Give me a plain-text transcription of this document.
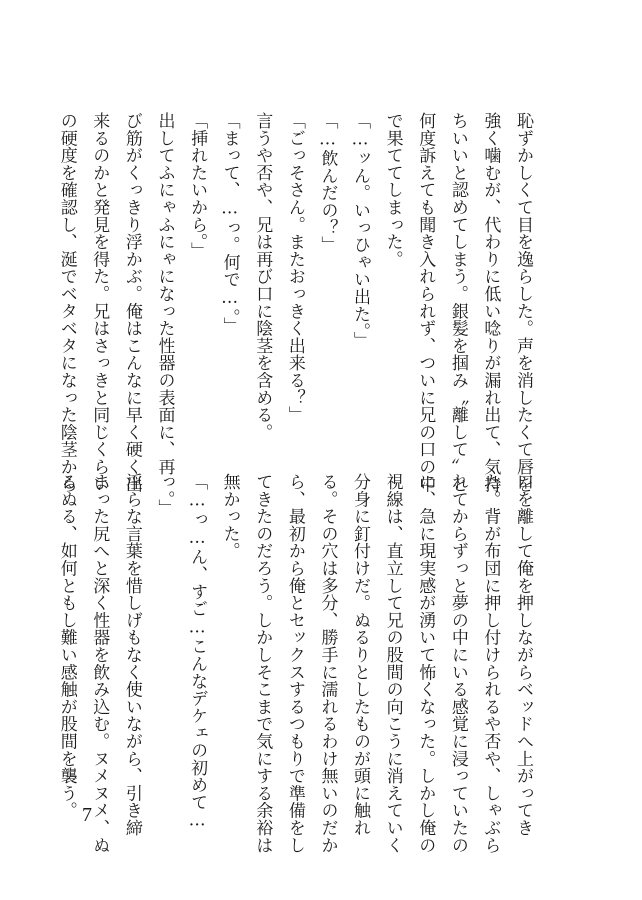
恥ずかしくて目を逸らした。声を消したくて唇を
強く噛むが、代わりに低い唸りが漏れ出て、気持
ちいいと認めてしまう。銀髪を掴み〝離して〟と
何度訴えても聞き入れられず、ついに兄の口の中
で果ててしまった。
「…ッん。いっひゃい出た。」
「…飲んだの？」
「ごっそさん。またおっきく出来る？」
言うや否や、兄は再び口に陰茎を含める。
「まって、…っ。何で…。」
「挿れたいから。」
出してふにゃふにゃになった性器の表面に、再
び筋がくっきり浮かぶ。俺はこんなに早く硬く出
来るのかと発見を得た。兄はさっきと同じくらい
の硬度を確認し、涎でベタベタになった陰茎から
口を離して俺を押しながらベッドへ上がってき
た。背が布団に押し付けられるや否や、しゃぶら
れてからずっと夢の中にいる感覚に浸っていたの
に、急に現実感が湧いて怖くなった。しかし俺の
視線は、直立して兄の股間の向こうに消えていく
分身に釘付けだ。ぬるりとしたものが頭に触れ
る。その穴は多分、勝手に濡れるわけ無いのだか
ら、最初から俺とセックスするつもりで準備をし
てきたのだろう。しかしそこまで気にする余裕は
無かった。
「…っ…ん、すご…こんなデケェの初めて…
っ。」
淫らな言葉を惜しげもなく使いながら、引き締
まった尻へと深く性器を飲み込む。ヌメヌメ、ぬ
るぬる、如何ともし難い感触が股間を襲う。 7
